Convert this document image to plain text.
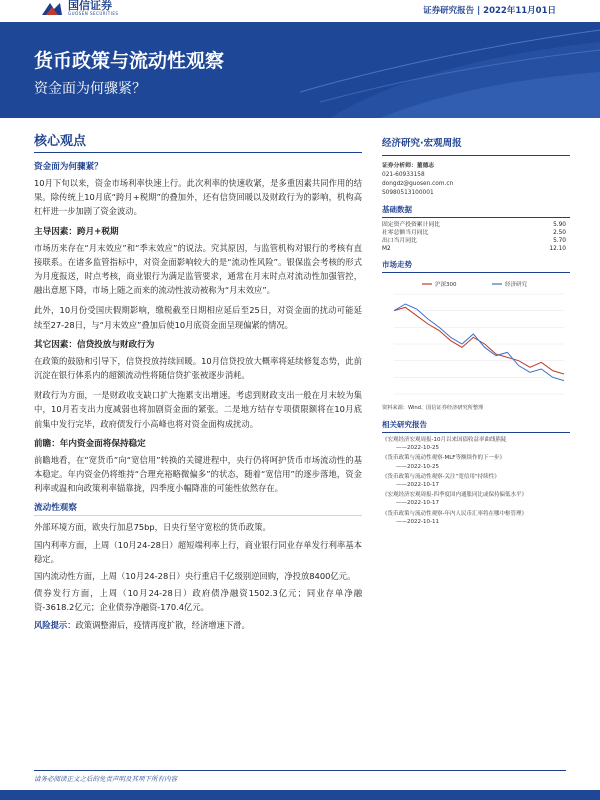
国信证券
GUOSEN SECURITIES	证券研究报告 | 2022年11月01日
货币政策与流动性观察
资金面为何骤紧？
核心观点
资金面为何骤紧？

10月下旬以来，资金市场利率快速上行。此次利率的快速收紧，是多重因素共同作用的结果。除传统上10月底“跨月+税期”的叠加外，还有信贷回暖以及财政行为的影响，机构高杠杆进一步加剧了资金波动。

主导因素：跨月+税期

市场历来存在“月末效应”和“季末效应”的说法。究其原因，与监管机构对银行的考核有直接联系。在诸多监管指标中，对资金面影响较大的是“流动性风险”。银保监会考核的形式为月度报送，时点考核，商业银行为满足监管要求，通常在月末时点对流动性加强管控，融出意愿下降，市场上随之而来的流动性波动被称为“月末效应”。

此外，10月份受国庆假期影响，缴税截至日期相应延后至25日，对资金面的扰动可能延续至27-28日，与“月末效应”叠加后使10月底资金面呈现偏紧的情况。

其它因素：信贷投放与财政行为

在政策的鼓励和引导下，信贷投放持续回暖。10月信贷投放大概率将延续修复态势，此前沉淀在银行体系内的超额流动性将随信贷扩张被逐步消耗。

财政行为方面，一是财政收支缺口扩大拖累支出增速。考虑到财政支出一般在月末较为集中，10月若支出力度减弱也将加剧资金面的紧张。二是地方结存专项债限额将在10月底前集中发行完毕，政府债发行小高峰也将对资金面构成扰动。

前瞻：年内资金面将保持稳定

前瞻地看，在“宽货币”向“宽信用”转换的关键进程中，央行仍将呵护货币市场流动性的基本稳定。年内资金仍将维持“合理充裕略微偏多”的状态，随着“宽信用”的逐步落地，资金利率或温和向政策利率锚靠拢，四季度小幅降准的可能性依然存在。

流动性观察

外部环境方面，欧央行加息75bp，日央行坚守宽松的货币政策。

国内利率方面，上周（10月24-28日）超短端利率上行，商业银行同业存单发行利率基本稳定。

国内流动性方面，上周（10月24-28日）央行重启千亿级别逆回购，净投放8400亿元。

债券发行方面，上周（10月24-28日）政府债净融资1502.3亿元；同业存单净融资-3618.2亿元；企业债券净融资-170.4亿元。

风险提示：政策调整滞后，疫情再度扩散，经济增速下滑。

经济研究·宏观周报
证券分析师：董德志
021-60933158
dongdz@guosen.com.cn
S0980513100001
基础数据
固定资产投资累计同比	5.90
社零总额当月同比	2.50
出口当月同比	5.70
M2	12.10
市场走势
沪深300	经济研究
资料来源：Wind、国信证券经济研究所整理
相关研究报告
《宏观经济宏观周报-10月以来国债收益率曲线熊陡
——2022-10-25
《货币政策与流动性观察-MLF等额续作的下一步》
——2022-10-25
《货币政策与流动性观察-关注“宽信用”持续性》
——2022-10-17
《宏观经济宏观周报-四季度国内通胀同比或保持偏低水平》
——2022-10-17
《货币政策与流动性观察-年内人民币汇率将在哪中枢管理》
——2022-10-11
请务必阅读正文之后的免责声明及其项下所有内容
